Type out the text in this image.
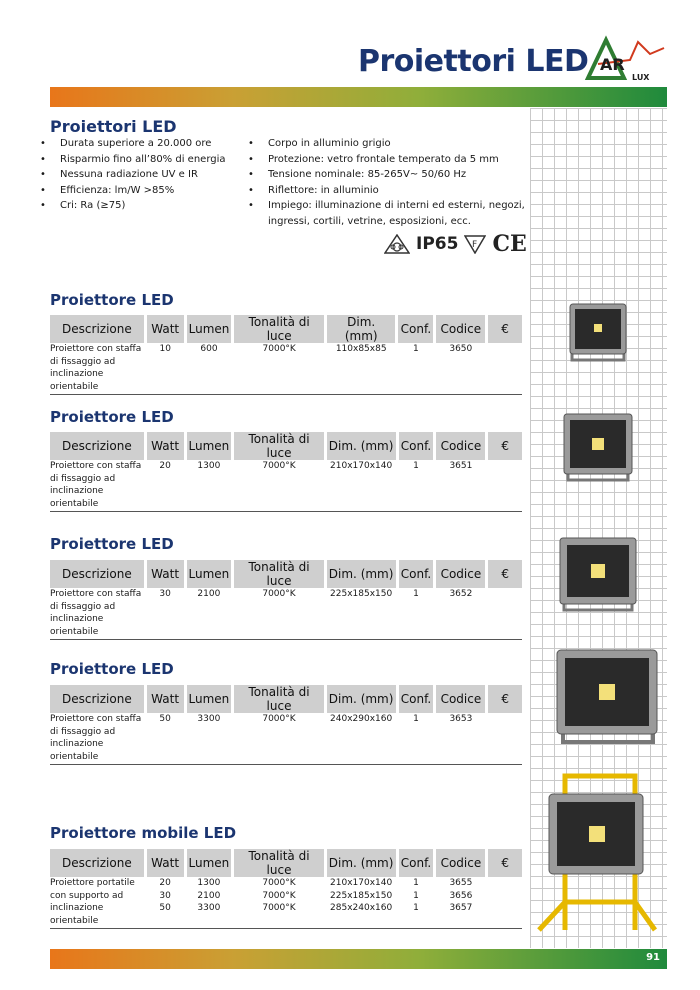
Proiettori LED AR
LUX
Proiettori LED
• Durata superiore a 20.000 ore
• Risparmio fino all’80% di energia
• Nessuna radiazione UV e IR
• Efficienza: lm/W >85%
• Cri: Ra (≥75)
• Corpo in alluminio grigio
• Protezione: vetro frontale temperato da 5 mm
• Tensione nominale: 85-265V~ 50/60 Hz
• Riflettore: in alluminio
• Impiego: illuminazione di interni ed esterni, negozi, ingressi, cortili, vetrine, esposizioni, ecc.
IP65 F CE
Proiettore LED
Descrizione	Watt	Lumen	Tonalità di luce	Dim. (mm)	Conf.	Codice	€

Proiettore con staffa
di fissaggio ad
inclinazione orientabile	10	600	7000°K	110x85x85	1	3650	
Proiettore LED
Descrizione	Watt	Lumen	Tonalità di luce	Dim. (mm)	Conf.	Codice	€

Proiettore con staffa
di fissaggio ad
inclinazione orientabile	20	1300	7000°K	210x170x140	1	3651	
Proiettore LED
Descrizione	Watt	Lumen	Tonalità di luce	Dim. (mm)	Conf.	Codice	€

Proiettore con staffa
di fissaggio ad
inclinazione orientabile	30	2100	7000°K	225x185x150	1	3652	
Proiettore LED
Descrizione	Watt	Lumen	Tonalità di luce	Dim. (mm)	Conf.	Codice	€

Proiettore con staffa
di fissaggio ad
inclinazione orientabile	50	3300	7000°K	240x290x160	1	3653	
Proiettore mobile LED
Descrizione	Watt	Lumen	Tonalità di luce	Dim. (mm)	Conf.	Codice	€
Proiettore portatile	20	1300	7000°K	210x170x140	1	3655	
con supporto ad	30	2100	7000°K	225x185x150	1	3656	
inclinazione orientabile	50	3300	7000°K	285x240x160	1	3657	
91
